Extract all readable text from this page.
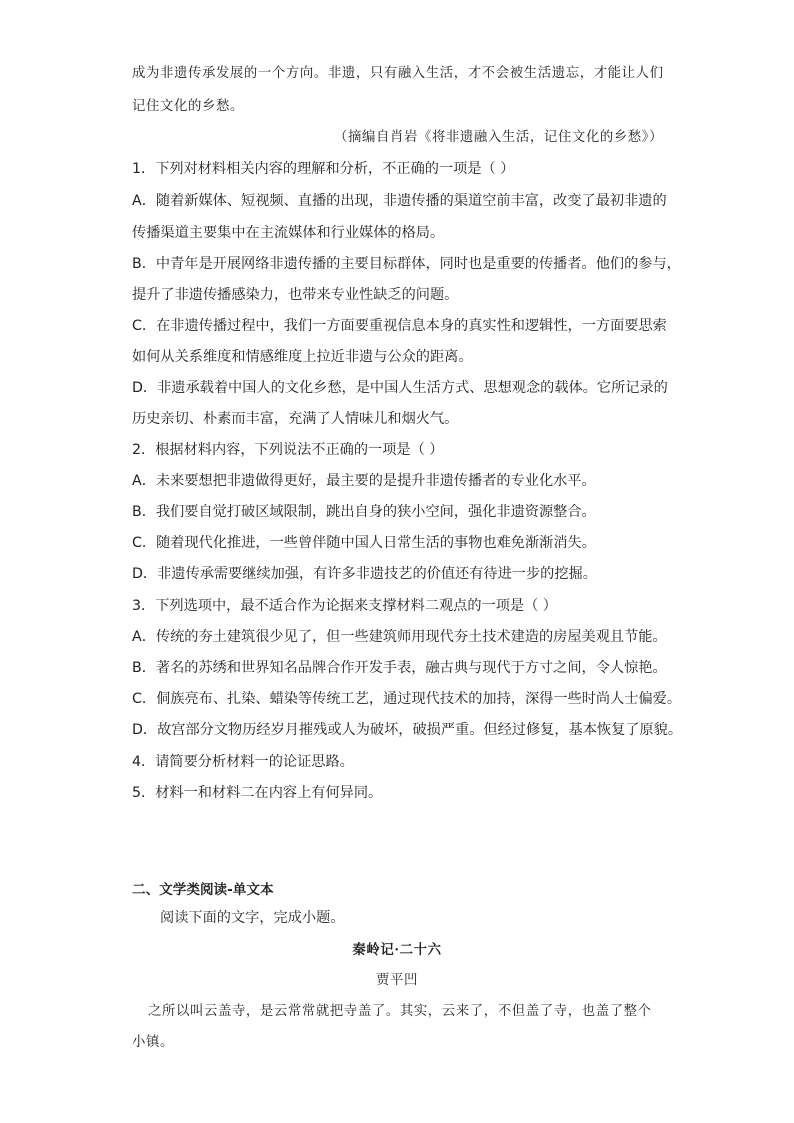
成为非遗传承发展的一个方向。非遗，只有融入生活，才不会被生活遗忘，才能让人们
记住文化的乡愁。
（摘编自肖岩《将非遗融入生活，记住文化的乡愁》）
1．下列对材料相关内容的理解和分析，不正确的一项是（ ）
A．随着新媒体、短视频、直播的出现，非遗传播的渠道空前丰富，改变了最初非遗的
传播渠道主要集中在主流媒体和行业媒体的格局。
B．中青年是开展网络非遗传播的主要目标群体，同时也是重要的传播者。他们的参与，
提升了非遗传播感染力，也带来专业性缺乏的问题。
C．在非遗传播过程中，我们一方面要重视信息本身的真实性和逻辑性，一方面要思索
如何从关系维度和情感维度上拉近非遗与公众的距离。
D．非遗承载着中国人的文化乡愁，是中国人生活方式、思想观念的载体。它所记录的
历史亲切、朴素而丰富，充满了人情味儿和烟火气。
2．根据材料内容，下列说法不正确的一项是（ ）
A．未来要想把非遗做得更好，最主要的是提升非遗传播者的专业化水平。
B．我们要自觉打破区域限制，跳出自身的狭小空间，强化非遗资源整合。
C．随着现代化推进，一些曾伴随中国人日常生活的事物也难免渐渐消失。
D．非遗传承需要继续加强，有许多非遗技艺的价值还有待进一步的挖掘。
3．下列选项中，最不适合作为论据来支撑材料二观点的一项是（ ）
A．传统的夯土建筑很少见了，但一些建筑师用现代夯土技术建造的房屋美观且节能。
B．著名的苏绣和世界知名品牌合作开发手表，融古典与现代于方寸之间，令人惊艳。
C．侗族亮布、扎染、蜡染等传统工艺，通过现代技术的加持，深得一些时尚人士偏爱。
D．故宫部分文物历经岁月摧残或人为破坏，破损严重。但经过修复，基本恢复了原貌。
4．请简要分析材料一的论证思路。
5．材料一和材料二在内容上有何异同。
二、文学类阅读-单文本
阅读下面的文字，完成小题。
秦岭记·二十六
贾平凹
之所以叫云盖寺，是云常常就把寺盖了。其实，云来了，不但盖了寺，也盖了整个
小镇。
